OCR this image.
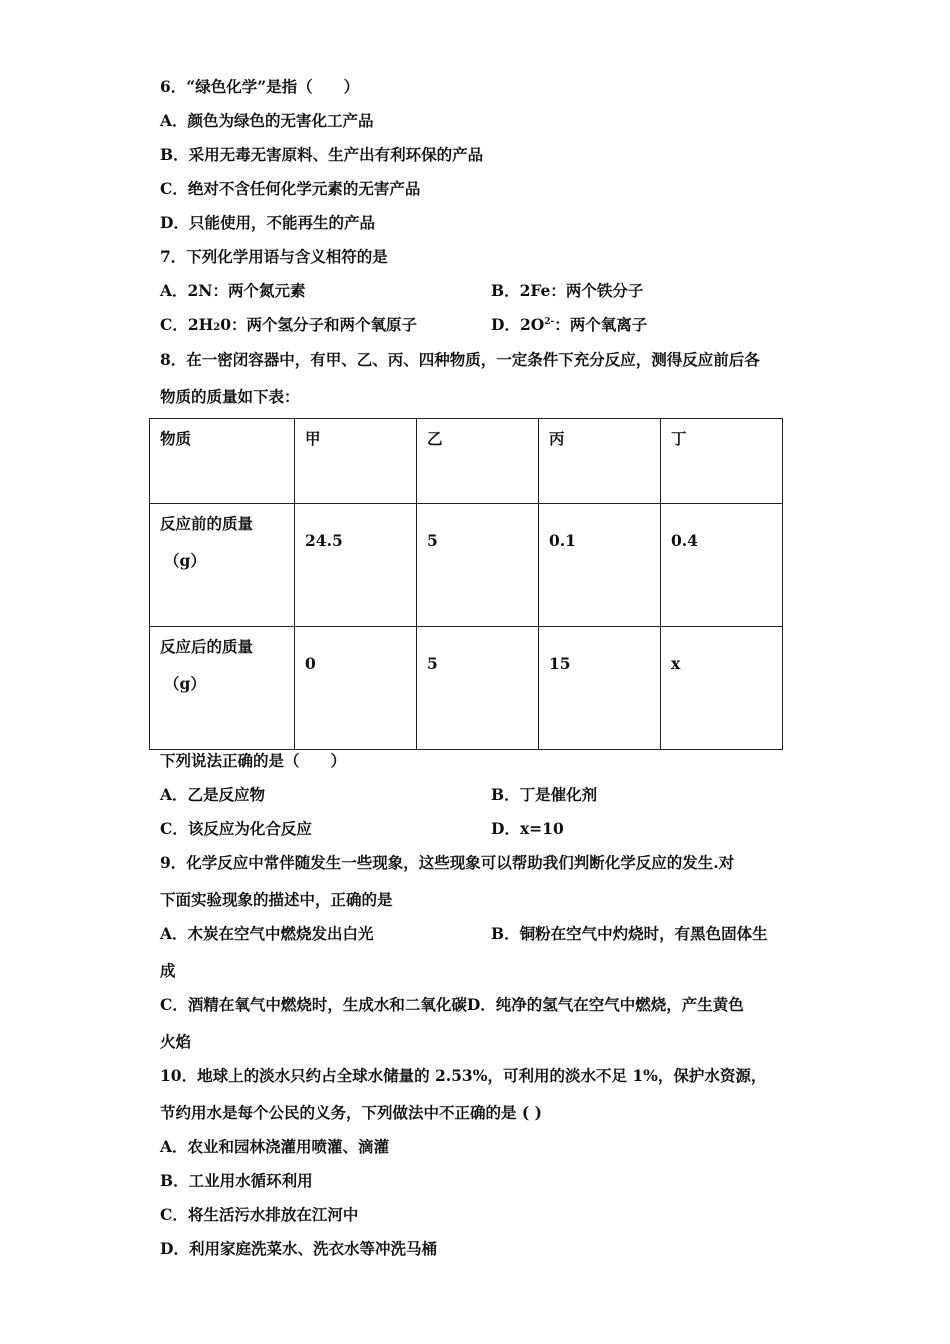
6．“绿色化学”是指（　　）
A．颜色为绿色的无害化工产品
B．采用无毒无害原料、生产出有利环保的产品
C．绝对不含任何化学元素的无害产品
D．只能使用，不能再生的产品
7．下列化学用语与含义相符的是
A．2N：两个氮元素	B．2Fe：两个铁分子
C．2H20：两个氢分子和两个氧原子	D．$2O^{2-}$：两个氧离子
8．在一密闭容器中，有甲、乙、丙、四种物质，一定条件下充分反应，测得反应前后各
物质的质量如下表：
物质	甲	乙	丙	丁

反应前的质量
（g）	24.5	5	0.1	0.4

反应后的质量
（g）	0	5	15	x
下列说法正确的是（　　）
A．乙是反应物	B．丁是催化剂
C．该反应为化合反应	D．x=10
9．化学反应中常伴随发生一些现象，这些现象可以帮助我们判断化学反应的发生.对
下面实验现象的描述中，正确的是
A．木炭在空气中燃烧发出白光	B．铜粉在空气中灼烧时，有黑色固体生
成
C．酒精在氧气中燃烧时，生成水和二氧化碳D．纯净的氢气在空气中燃烧，产生黄色
火焰
10．地球上的淡水只约占全球水储量的 2.53%，可利用的淡水不足 1%，保护水资源，
节约用水是每个公民的义务，下列做法中不正确的是 ( )
A．农业和园林浇灌用喷灌、滴灌
B．工业用水循环利用
C．将生活污水排放在江河中
D．利用家庭洗菜水、洗衣水等冲洗马桶
